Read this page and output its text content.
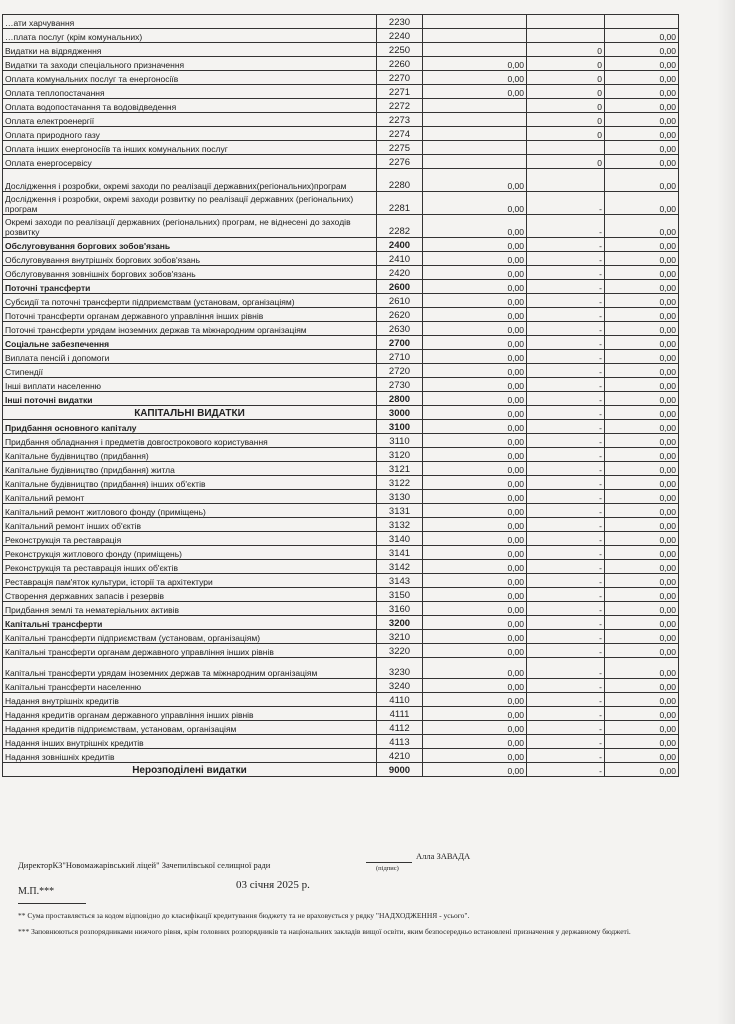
…ати харчування	2230			
…плата послуг (крім комунальних)	2240			0,00
Видатки на відрядження	2250		0	0,00
Видатки та заходи спеціального призначення	2260	0,00	0	0,00
Оплата комунальних послуг та енергоносіїв	2270	0,00	0	0,00
Оплата теплопостачання	2271	0,00	0	0,00
Оплата водопостачання та водовідведення	2272		0	0,00
Оплата електроенергії	2273		0	0,00
Оплата природного газу	2274		0	0,00
Оплата інших енергоносіїв та інших комунальних послуг	2275			0,00
Оплата енергосервісу	2276		0	0,00
Дослідження і розробки, окремі заходи по реалізації державних(регіональних)програм	2280	0,00		0,00
Дослідження і розробки, окремі заходи розвитку по реалізації державних (регіональних) програм	2281	0,00	-	0,00
Окремі заходи по реалізації державних (регіональних) програм, не віднесені до заходів розвитку	2282	0,00	-	0,00
Обслуговування боргових зобов'язань	2400	0,00	-	0,00
Обслуговування внутрішніх боргових зобов'язань	2410	0,00	-	0,00
Обслуговування зовнішніх боргових зобов'язань	2420	0,00	-	0,00
Поточні трансферти	2600	0,00	-	0,00
Субсидії та поточні трансферти підприємствам (установам, організаціям)	2610	0,00	-	0,00
Поточні трансферти органам державного управління інших рівнів	2620	0,00	-	0,00
Поточні трансферти урядам іноземних держав та міжнародним організаціям	2630	0,00	-	0,00
Соціальне забезпечення	2700	0,00	-	0,00
Виплата пенсій і допомоги	2710	0,00	-	0,00
Стипендії	2720	0,00	-	0,00
Інші виплати населенню	2730	0,00	-	0,00
Інші поточні видатки	2800	0,00	-	0,00
КАПІТАЛЬНІ ВИДАТКИ	3000	0,00	-	0,00
Придбання основного капіталу	3100	0,00	-	0,00
Придбання обладнання і предметів довгострокового користування	3110	0,00	-	0,00
Капітальне будівництво (придбання)	3120	0,00	-	0,00
Капітальне будівництво (придбання) житла	3121	0,00	-	0,00
Капітальне будівництво (придбання) інших об'єктів	3122	0,00	-	0,00
Капітальний ремонт	3130	0,00	-	0,00
Капітальний ремонт житлового фонду (приміщень)	3131	0,00	-	0,00
Капітальний ремонт інших об'єктів	3132	0,00	-	0,00
Реконструкція та реставрація	3140	0,00	-	0,00
Реконструкція житлового фонду (приміщень)	3141	0,00	-	0,00
Реконструкція та реставрація інших об'єктів	3142	0,00	-	0,00
Реставрація пам'яток культури, історії та архітектури	3143	0,00	-	0,00
Створення державних запасів і резервів	3150	0,00	-	0,00
Придбання землі та нематеріальних активів	3160	0,00	-	0,00
Капітальні трансферти	3200	0,00	-	0,00
Капітальні трансферти підприємствам (установам, організаціям)	3210	0,00	-	0,00
Капітальні трансферти органам державного управління інших рівнів	3220	0,00	-	0,00
Капітальні трансферти урядам іноземних держав та міжнародним організаціям	3230	0,00	-	0,00
Капітальні трансферти населенню	3240	0,00	-	0,00
Надання внутрішніх кредитів	4110	0,00	-	0,00
Надання кредитів органам державного управління інших рівнів	4111	0,00	-	0,00
Надання кредитів підприємствам, установам, організаціям	4112	0,00	-	0,00
Надання інших внутрішніх кредитів	4113	0,00	-	0,00
Надання зовнішніх кредитів	4210	0,00	-	0,00
Нерозподілені видатки	9000	0,00	-	0,00
ДиректорКЗ"Новомажарівський ліцей" Зачепилівської селищної ради	(підпис)
Алла ЗАВАДА
М.П.***
03 січня 2025 р.
** Сума проставляється за кодом відповідно до класифікації кредитування бюджету та не враховується у рядку "НАДХОДЖЕННЯ - усього".
*** Заповнюються розпорядниками нижчого рівня, крім головних розпорядників та національних закладів вищої освіти, яким безпосередньо встановлені призначення у державному бюджеті.
